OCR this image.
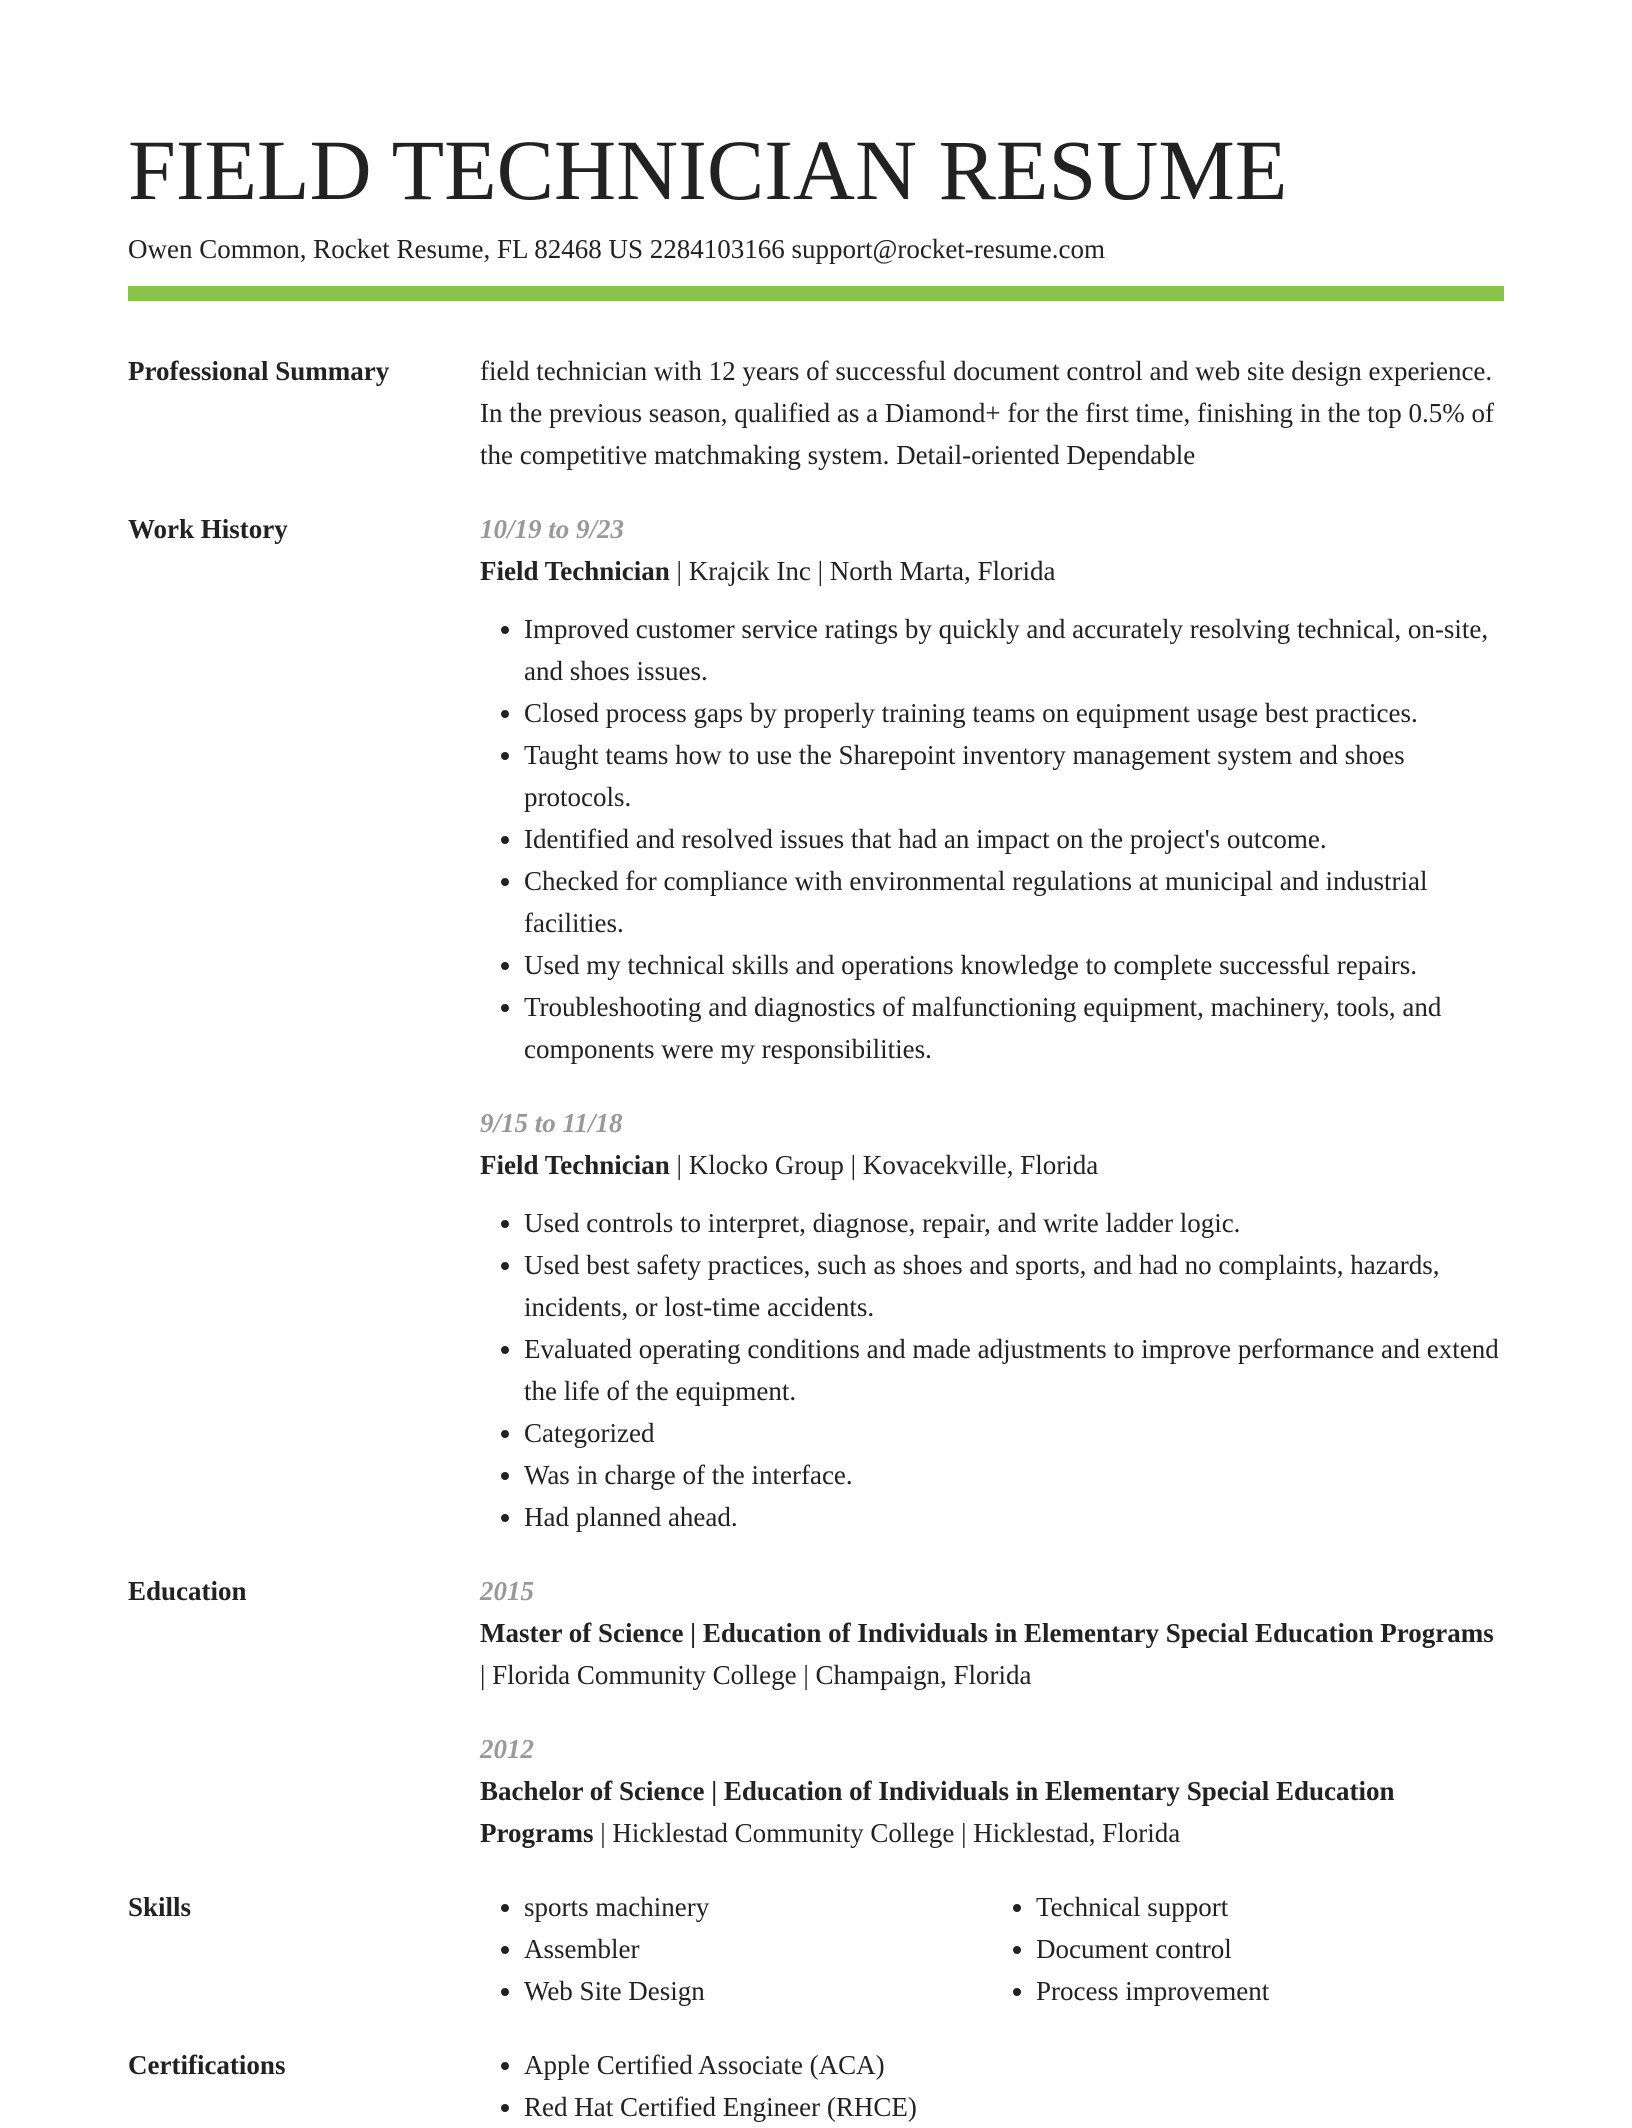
FIELD TECHNICIAN RESUME
Owen Common, Rocket Resume, FL 82468 US 2284103166 support@rocket-resume.com
Professional Summary	field technician with 12 years of successful document control and web site design experience. In the previous season, qualified as a Diamond+ for the first time, finishing in the top 0.5% of the competitive matchmaking system. Detail-oriented Dependable

Work History	10/19 to 9/23
Field Technician | Krajcik Inc | North Marta, Florida
• Improved customer service ratings by quickly and accurately resolving technical, on-site, and shoes issues.
• Closed process gaps by properly training teams on equipment usage best practices.
• Taught teams how to use the Sharepoint inventory management system and shoes protocols.
• Identified and resolved issues that had an impact on the project's outcome.
• Checked for compliance with environmental regulations at municipal and industrial facilities.
• Used my technical skills and operations knowledge to complete successful repairs.
• Troubleshooting and diagnostics of malfunctioning equipment, machinery, tools, and components were my responsibilities.
9/15 to 11/18
Field Technician | Klocko Group | Kovacekville, Florida
• Used controls to interpret, diagnose, repair, and write ladder logic.
• Used best safety practices, such as shoes and sports, and had no complaints, hazards, incidents, or lost-time accidents.
• Evaluated operating conditions and made adjustments to improve performance and extend the life of the equipment.
• Categorized
• Was in charge of the interface.
• Had planned ahead.
Education	2015
Master of Science | Education of Individuals in Elementary Special Education Programs | Florida Community College | Champaign, Florida
2012
Bachelor of Science | Education of Individuals in Elementary Special Education Programs | Hicklestad Community College | Hicklestad, Florida
Skills	• sports machinery
• Assembler
• Web Site Design
• Technical support
• Document control
• Process improvement
Certifications	• Apple Certified Associate (ACA)
• Red Hat Certified Engineer (RHCE)
